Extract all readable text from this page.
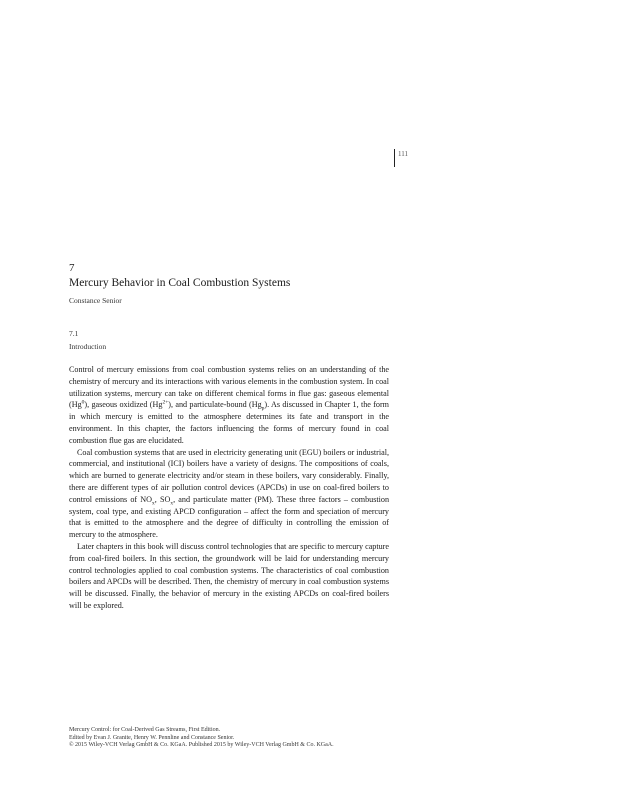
111
7
Mercury Behavior in Coal Combustion Systems
Constance Senior
7.1
Introduction

Control of mercury emissions from coal combustion systems relies on an understanding of the chemistry of mercury and its interactions with various elements in the combustion system. In coal utilization systems, mercury can take on different chemical forms in flue gas: gaseous elemental (Hg$^0$), gaseous oxidized $(Hg^{2+})$, and particulate-bound $(Hg_p)$. As discussed in Chapter 1, the form in which mercury is emitted to the atmosphere determines its fate and transport in the environment. In this chapter, the factors influencing the forms of mercury found in coal combustion flue gas are elucidated.

Coal combustion systems that are used in electricity generating unit (EGU) boilers or industrial, commercial, and institutional (ICI) boilers have a variety of designs. The compositions of coals, which are burned to generate electricity and/or steam in these boilers, vary considerably. Finally, there are different types of air pollution control devices (APCDs) in use on coal-fired boilers to control emissions of $NO_x$, $SO_x$, and particulate matter (PM). These three factors – combustion system, coal type, and existing APCD configuration – affect the form and speciation of mercury that is emitted to the atmosphere and the degree of difficulty in controlling the emission of mercury to the atmosphere.

Later chapters in this book will discuss control technologies that are specific to mercury capture from coal-fired boilers. In this section, the groundwork will be laid for understanding mercury control technologies applied to coal combustion systems. The characteristics of coal combustion boilers and APCDs will be described. Then, the chemistry of mercury in coal combustion systems will be discussed. Finally, the behavior of mercury in the existing APCDs on coal-fired boilers will be explored.

Mercury Control: for Coal-Derived Gas Streams, First Edition.
Edited by Evan J. Granite, Henry W. Pennline and Constance Senior.
© 2015 Wiley-VCH Verlag GmbH & Co. KGaA. Published 2015 by Wiley-VCH Verlag GmbH & Co. KGaA.
